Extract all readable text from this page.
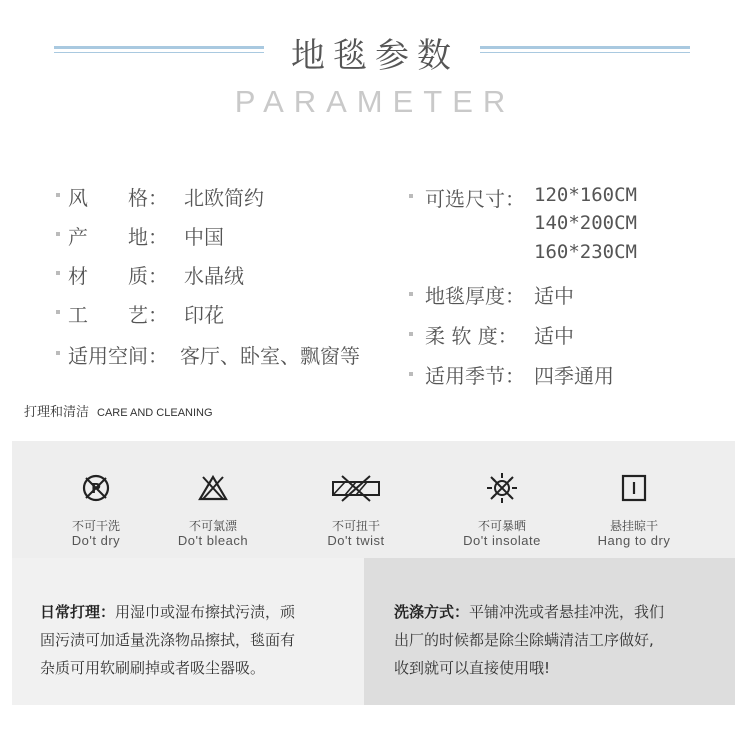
地毯参数
PARAMETER
风　　格： 北欧简约
产　　地： 中国
材　　质： 水晶绒
工　　艺： 印花
适用空间： 客厅、卧室、飘窗等
可选尺寸： 120*160CM
140*200CM
160*230CM
地毯厚度： 适中
柔 软 度： 适中
适用季节： 四季通用
打理和清洁 CARE AND CLEANING
P
不可干洗
Do't dry
不可氯漂
Do't bleach
不可扭干
Do't twist
不可暴晒
Do't insolate
悬挂晾干
Hang to dry

日常打理：用湿巾或湿布擦拭污渍，顽
固污渍可加适量洗涤物品擦拭，毯面有
杂质可用软刷刷掉或者吸尘器吸。

洗涤方式：平铺冲洗或者悬挂冲洗，我们
出厂的时候都是除尘除螨清洁工序做好,
收到就可以直接使用哦!
